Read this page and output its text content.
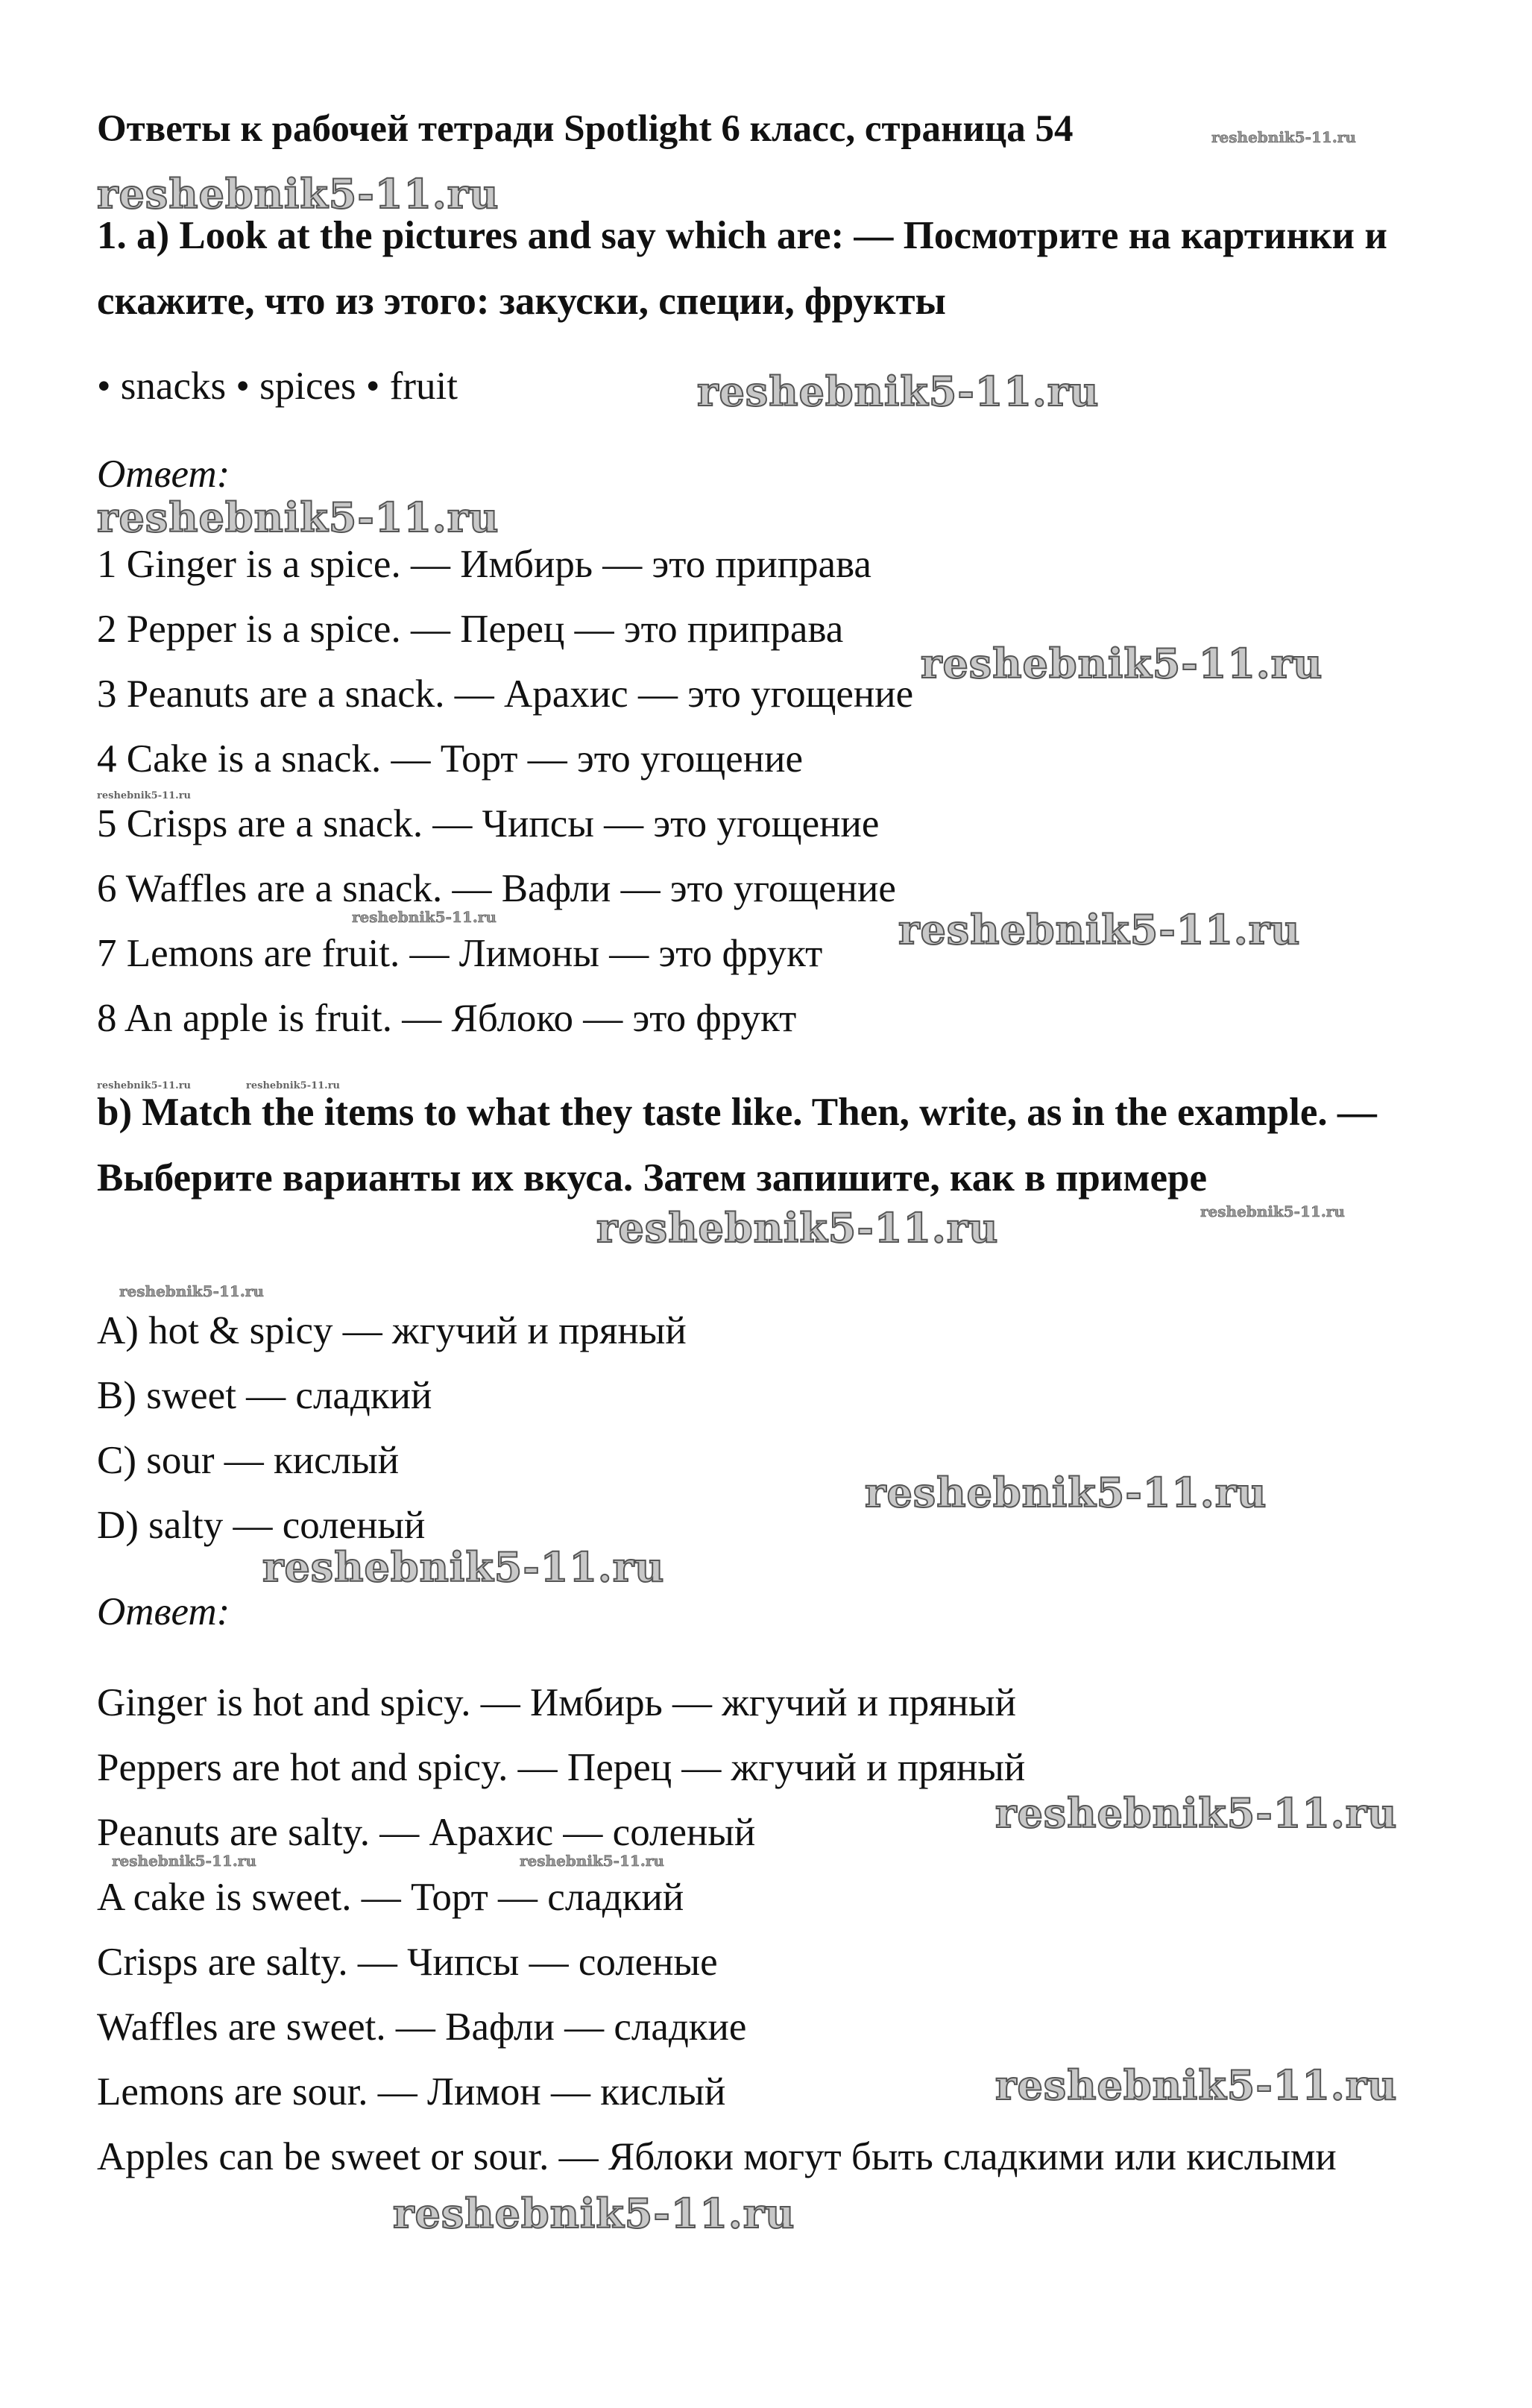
Ответы к рабочей тетради Spotlight 6 класс, страница 54

1. a) Look at the pictures and say which are: — Посмотрите на картинки и скажите, что из этого: закуски, специи, фрукты

• snacks • spices • fruit

Ответ:

1 Ginger is a spice. — Имбирь — это приправа

2 Pepper is a spice. — Перец — это приправа

3 Peanuts are a snack. — Арахис — это угощение

4 Cake is a snack. — Торт — это угощение

5 Crisps are a snack. — Чипсы — это угощение

6 Waffles are a snack. — Вафли — это угощение

7 Lemons are fruit. — Лимоны — это фрукт

8 An apple is fruit. — Яблоко — это фрукт

b) Match the items to what they taste like. Then, write, as in the example. — Выберите варианты их вкуса. Затем запишите, как в примере

A) hot & spicy — жгучий и пряный

B) sweet — сладкий

C) sour — кислый

D) salty — соленый

Ответ:

Ginger is hot and spicy. — Имбирь — жгучий и пряный

Peppers are hot and spicy. — Перец — жгучий и пряный

Peanuts are salty. — Арахис — соленый

A cake is sweet. — Торт — сладкий

Crisps are salty. — Чипсы — соленые

Waffles are sweet. — Вафли — сладкие

Lemons are sour. — Лимон — кислый

Apples can be sweet or sour. — Яблоки могут быть сладкими или кислыми

reshebnik5-11.ru
reshebnik5-11.ru
reshebnik5-11.ru
reshebnik5-11.ru
reshebnik5-11.ru
reshebnik5-11.ru
reshebnik5-11.ru	reshebnik5-11.ru
reshebnik5-11.ru	reshebnik5-11.ru
reshebnik5-11.ru	reshebnik5-11.ru
reshebnik5-11.ru
reshebnik5-11.ru
reshebnik5-11.ru
reshebnik5-11.ru
reshebnik5-11.ru	reshebnik5-11.ru
reshebnik5-11.ru
reshebnik5-11.ru
